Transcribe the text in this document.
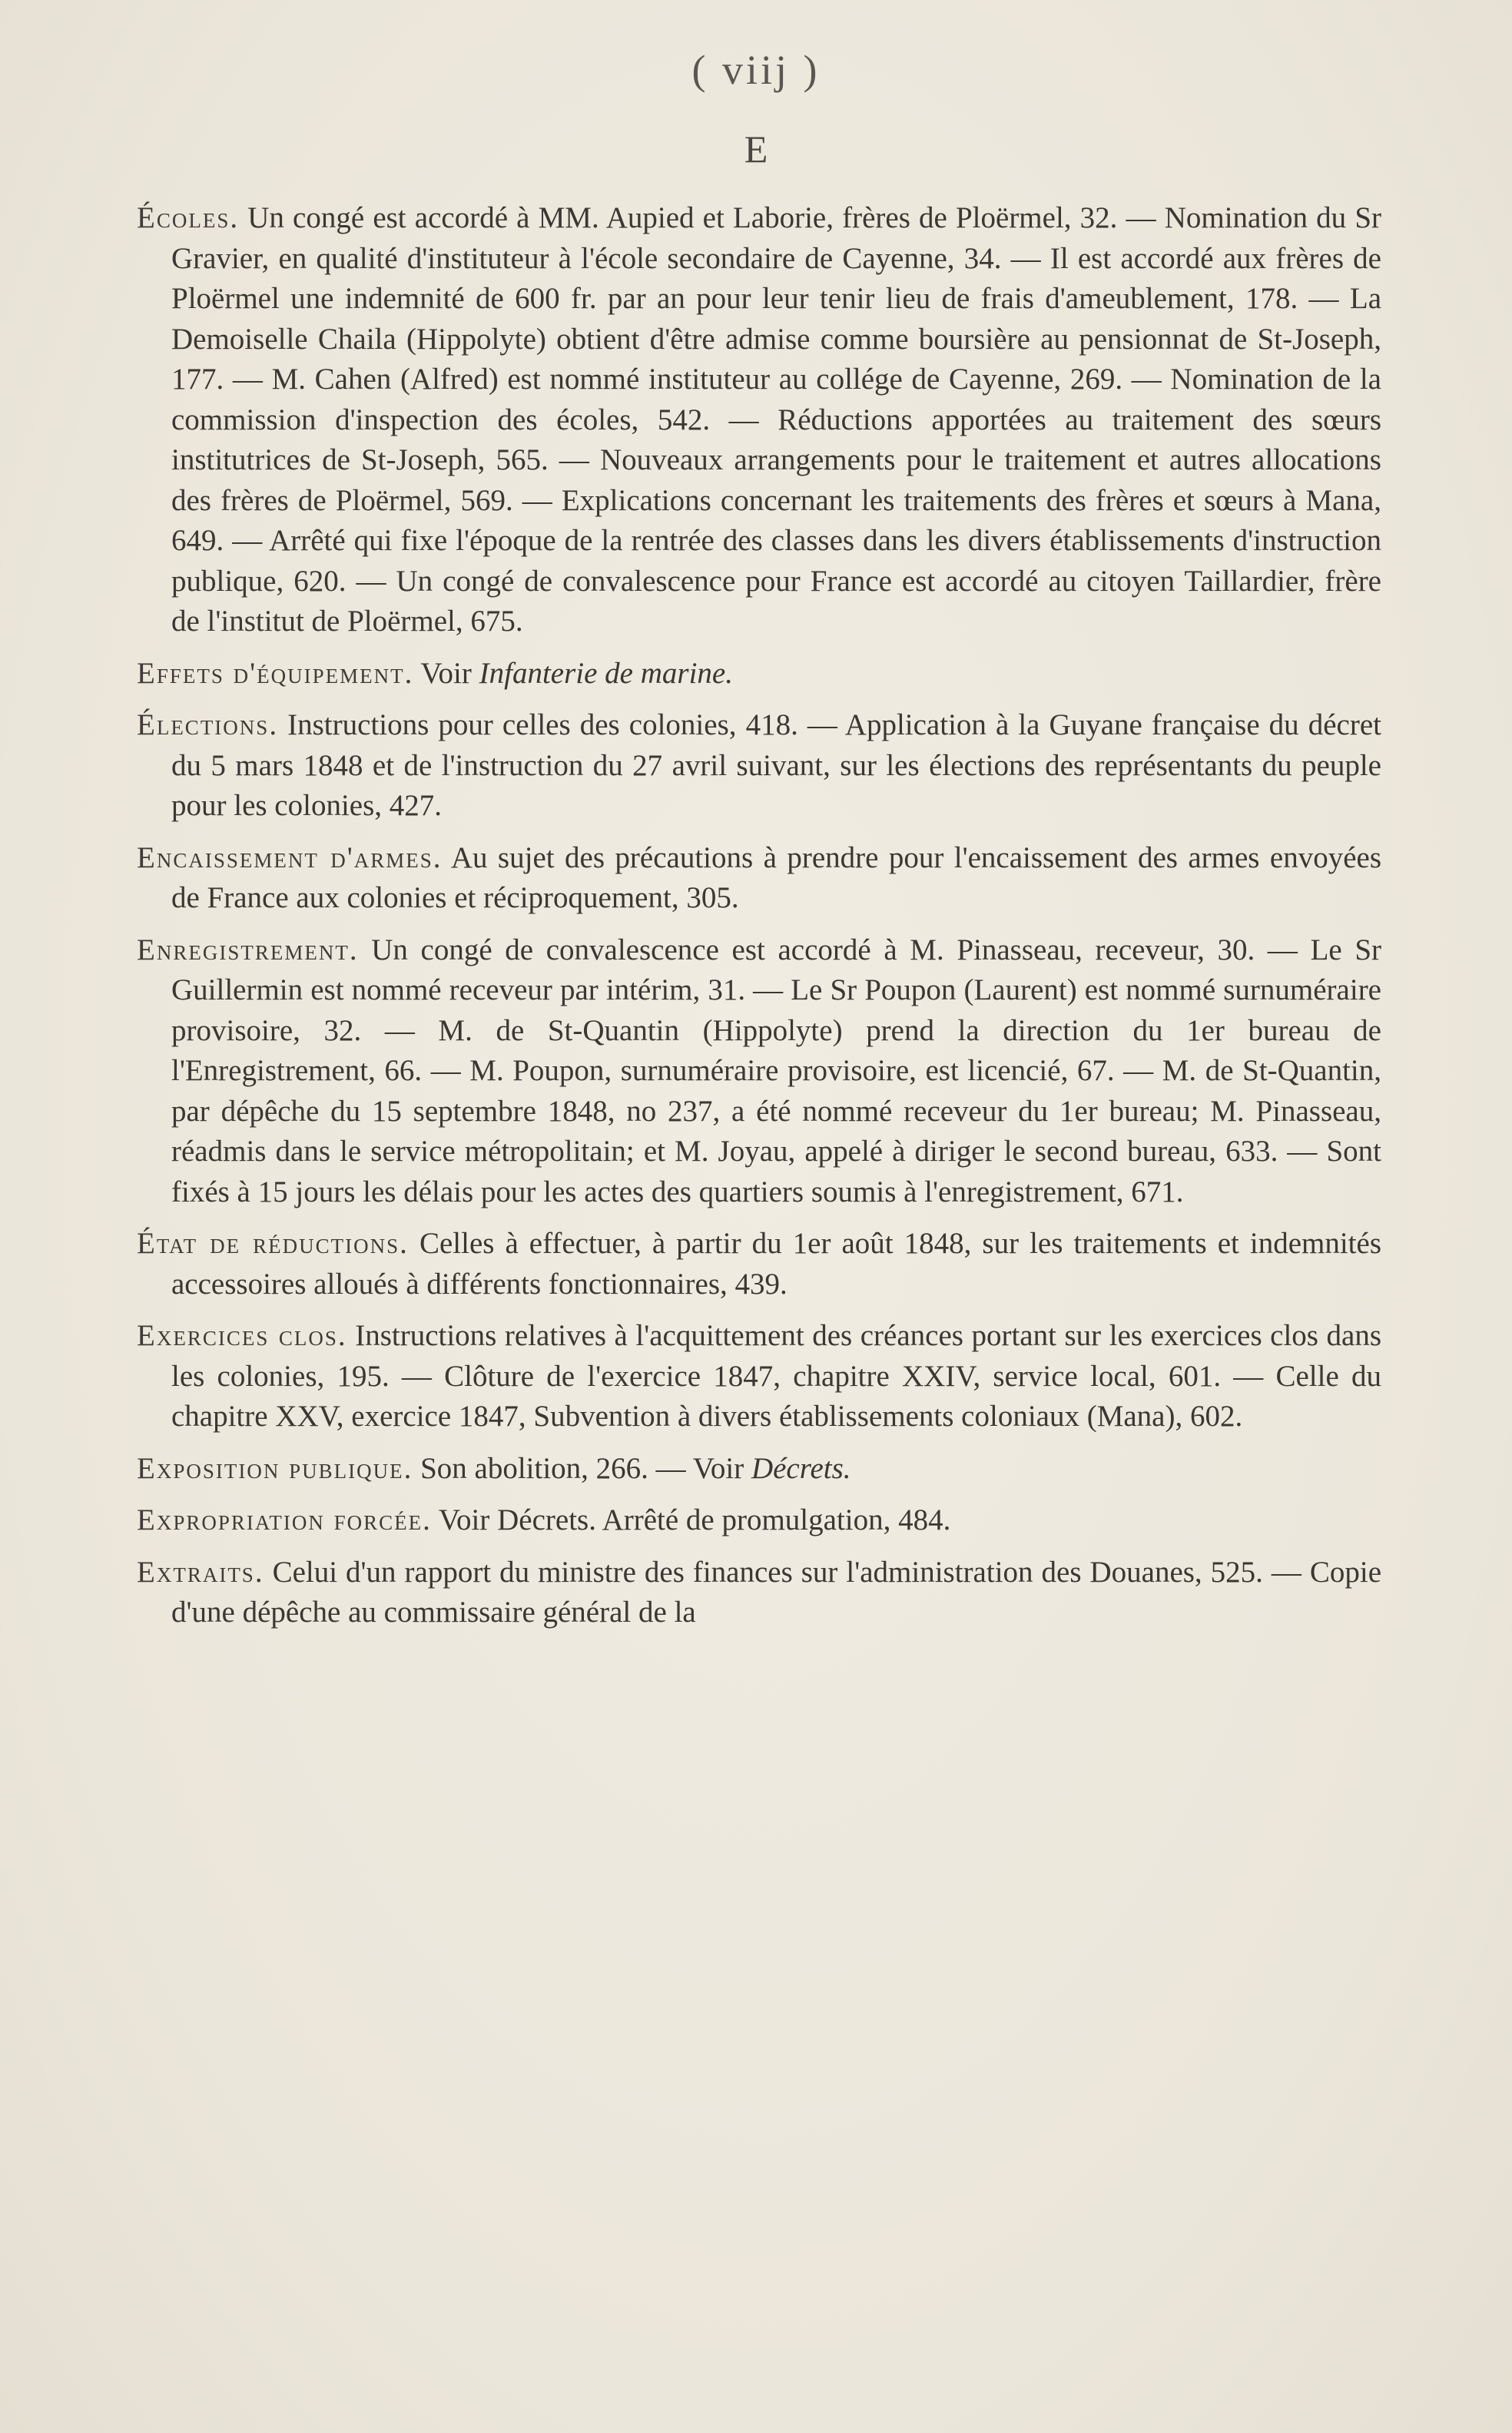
( viij )
E

Écoles. Un congé est accordé à MM. Aupied et Laborie, frères de Ploërmel, 32. — Nomination du Sr Gravier, en qualité d'instituteur à l'école secondaire de Cayenne, 34. — Il est accordé aux frères de Ploërmel une indemnité de 600 fr. par an pour leur tenir lieu de frais d'ameublement, 178. — La Demoiselle Chaila (Hippolyte) obtient d'être admise comme boursière au pensionnat de St-Joseph, 177. — M. Cahen (Alfred) est nommé instituteur au collége de Cayenne, 269. — Nomination de la commission d'inspection des écoles, 542. — Réductions apportées au traitement des sœurs institutrices de St-Joseph, 565. — Nouveaux arrangements pour le traitement et autres allocations des frères de Ploërmel, 569. — Explications concernant les traitements des frères et sœurs à Mana, 649. — Arrêté qui fixe l'époque de la rentrée des classes dans les divers établissements d'instruction publique, 620. — Un congé de convalescence pour France est accordé au citoyen Taillardier, frère de l'institut de Ploërmel, 675.

Effets d'équipement. Voir Infanterie de marine.

Élections. Instructions pour celles des colonies, 418. — Application à la Guyane française du décret du 5 mars 1848 et de l'instruction du 27 avril suivant, sur les élections des représentants du peuple pour les colonies, 427.

Encaissement d'armes. Au sujet des précautions à prendre pour l'encaissement des armes envoyées de France aux colonies et réciproquement, 305.

Enregistrement. Un congé de convalescence est accordé à M. Pinasseau, receveur, 30. — Le Sr Guillermin est nommé receveur par intérim, 31. — Le Sr Poupon (Laurent) est nommé surnuméraire provisoire, 32. — M. de St-Quantin (Hippolyte) prend la direction du 1er bureau de l'Enregistrement, 66. — M. Poupon, surnuméraire provisoire, est licencié, 67. — M. de St-Quantin, par dépêche du 15 septembre 1848, no 237, a été nommé receveur du 1er bureau; M. Pinasseau, réadmis dans le service métropolitain; et M. Joyau, appelé à diriger le second bureau, 633. — Sont fixés à 15 jours les délais pour les actes des quartiers soumis à l'enregistrement, 671.

État de réductions. Celles à effectuer, à partir du 1er août 1848, sur les traitements et indemnités accessoires alloués à différents fonctionnaires, 439.

Exercices clos. Instructions relatives à l'acquittement des créances portant sur les exercices clos dans les colonies, 195. — Clôture de l'exercice 1847, chapitre XXIV, service local, 601. — Celle du chapitre XXV, exercice 1847, Subvention à divers établissements coloniaux (Mana), 602.

Exposition publique. Son abolition, 266. — Voir Décrets.

Expropriation forcée. Voir Décrets. Arrêté de promulgation, 484.

Extraits. Celui d'un rapport du ministre des finances sur l'administration des Douanes, 525. — Copie d'une dépêche au commissaire général de la
